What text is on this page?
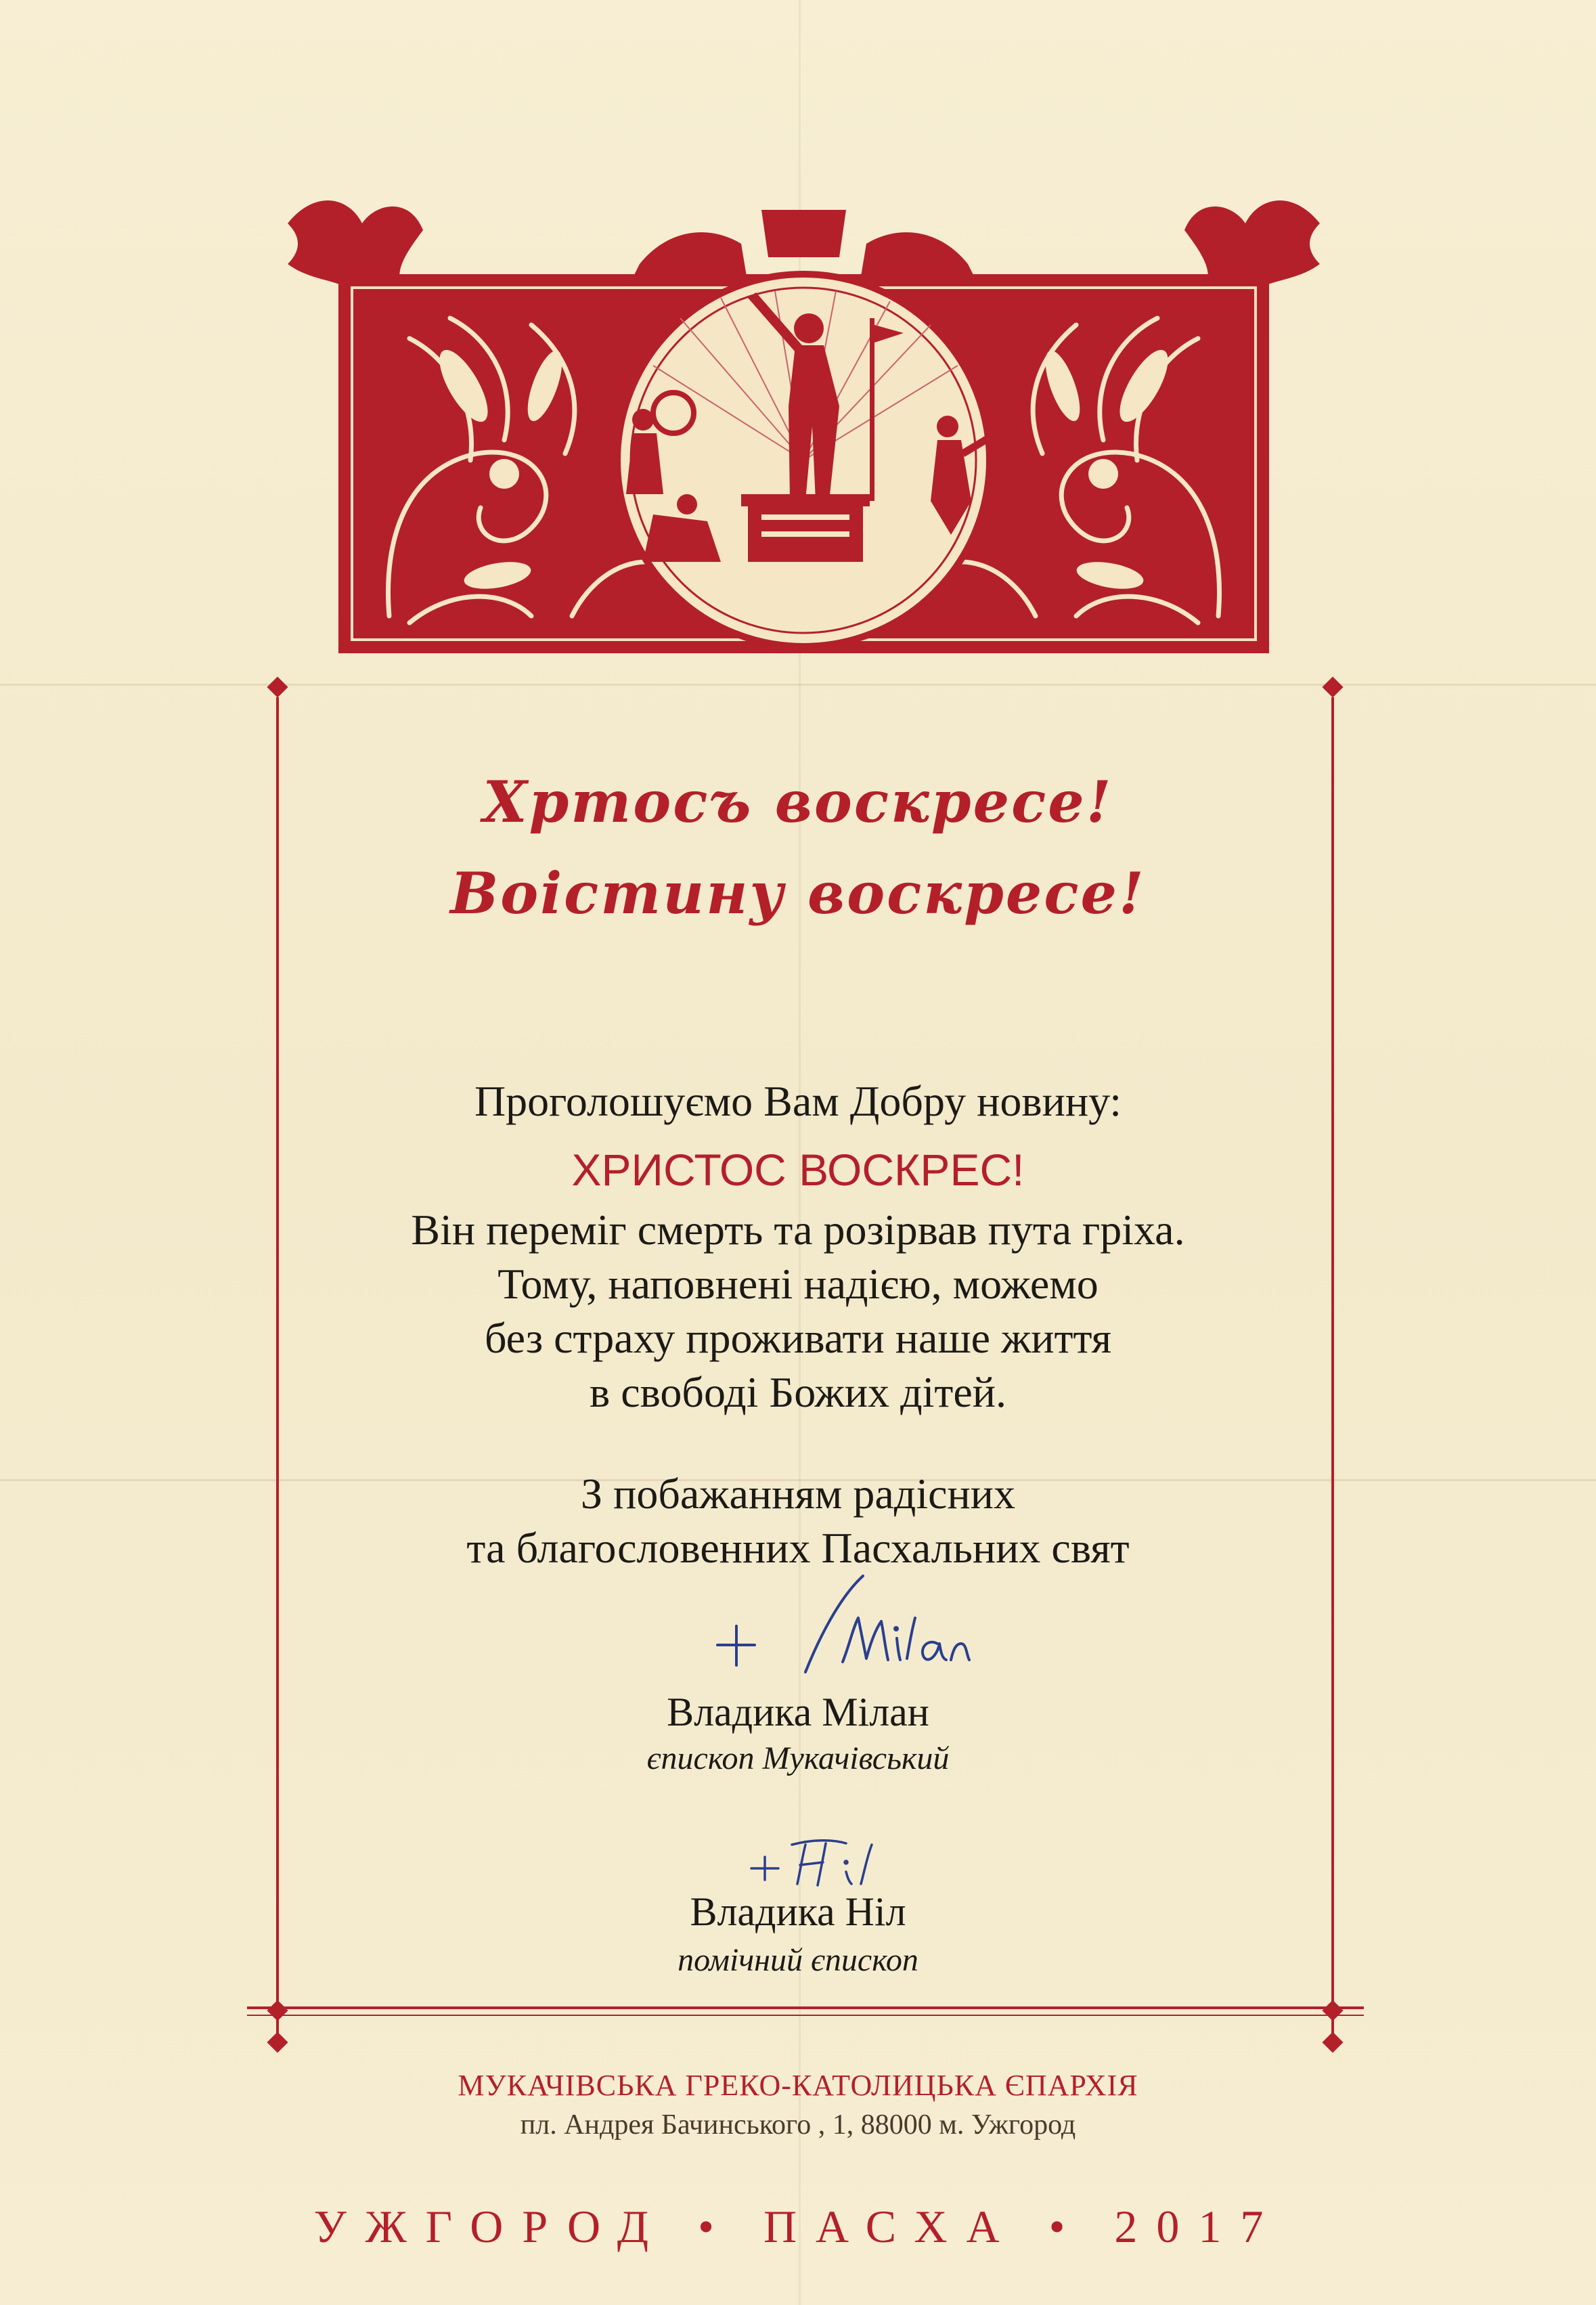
Хртосъ воскресе!

Воістину воскресе!

Проголошуємо Вам Добру новину:

ХРИСТОС ВОСКРЕС!

Він переміг смерть та розірвав пута гріха.

Тому, наповнені надією, можемо

без страху проживати наше життя

в свободі Божих дітей.

З побажанням радісних

та благословенних Пасхальних свят

Владика Мілан

єпископ Мукачівський

Владика Ніл

помічний єпископ

МУКАЧІВСЬКА ГРЕКО-КАТОЛИЦЬКА ЄПАРХІЯ

пл. Андрея Бачинського , 1, 88000 м. Ужгород

УЖГОРОД • ПАСХА • 2017
